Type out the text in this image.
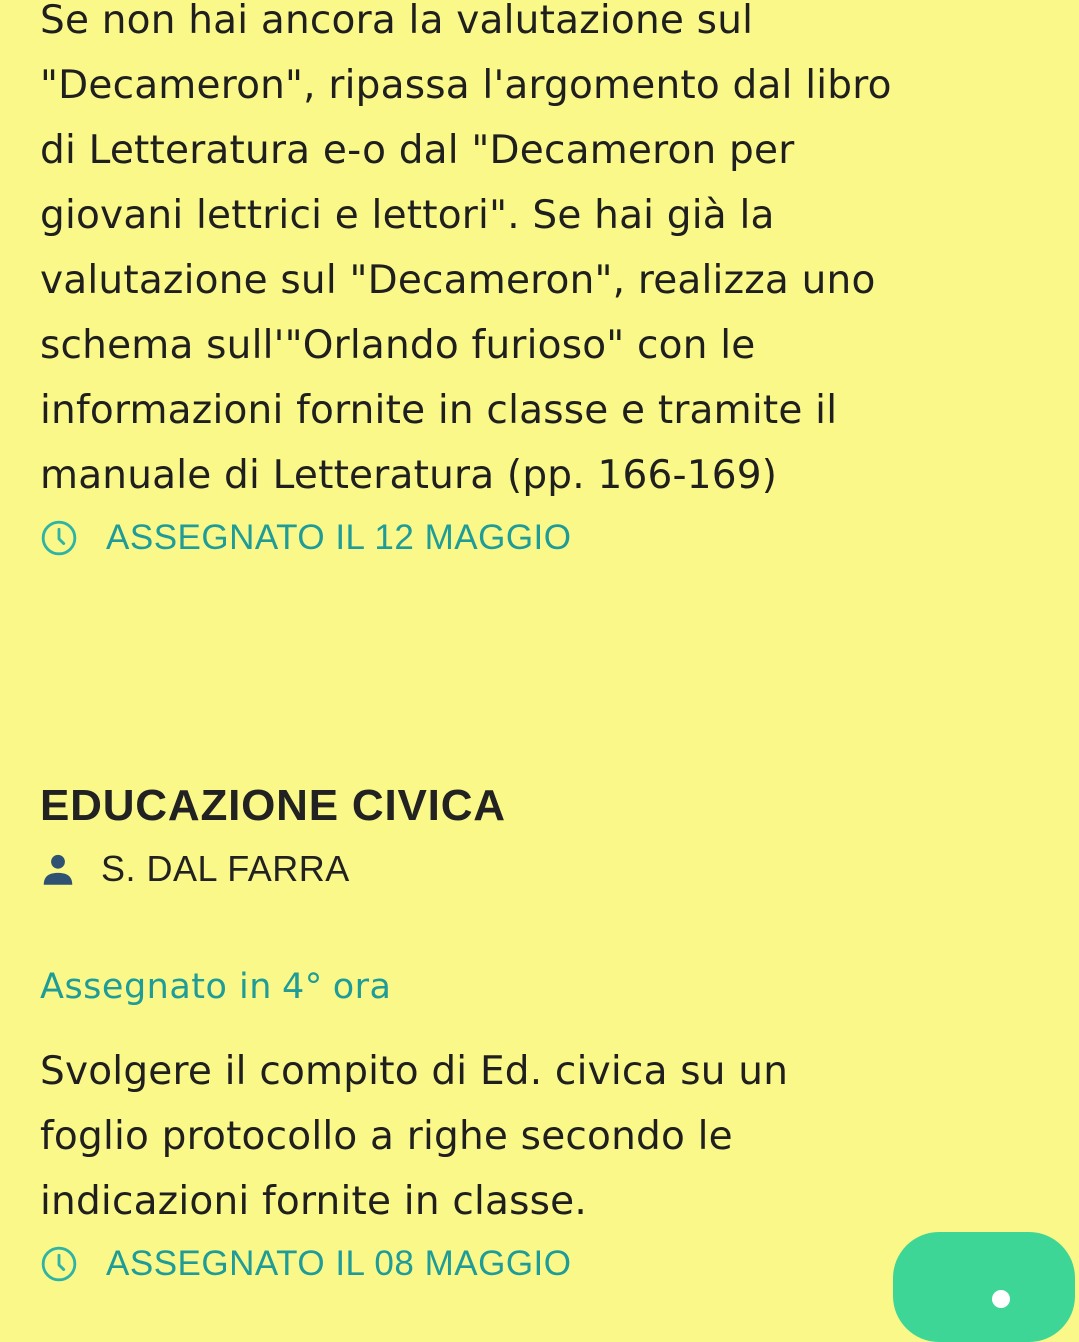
Se non hai ancora la valutazione sul
"Decameron", ripassa l'argomento dal libro
di Letteratura e-o dal "Decameron per
giovani lettrici e lettori". Se hai già la
valutazione sul "Decameron", realizza uno
schema sull'"Orlando furioso" con le
informazioni fornite in classe e tramite il
manuale di Letteratura (pp. 166-169)

ASSEGNATO IL 12 MAGGIO
EDUCAZIONE CIVICA
S. DAL FARRA
Assegnato in 4° ora

Svolgere il compito di Ed. civica su un
foglio protocollo a righe secondo le
indicazioni fornite in classe.

ASSEGNATO IL 08 MAGGIO
